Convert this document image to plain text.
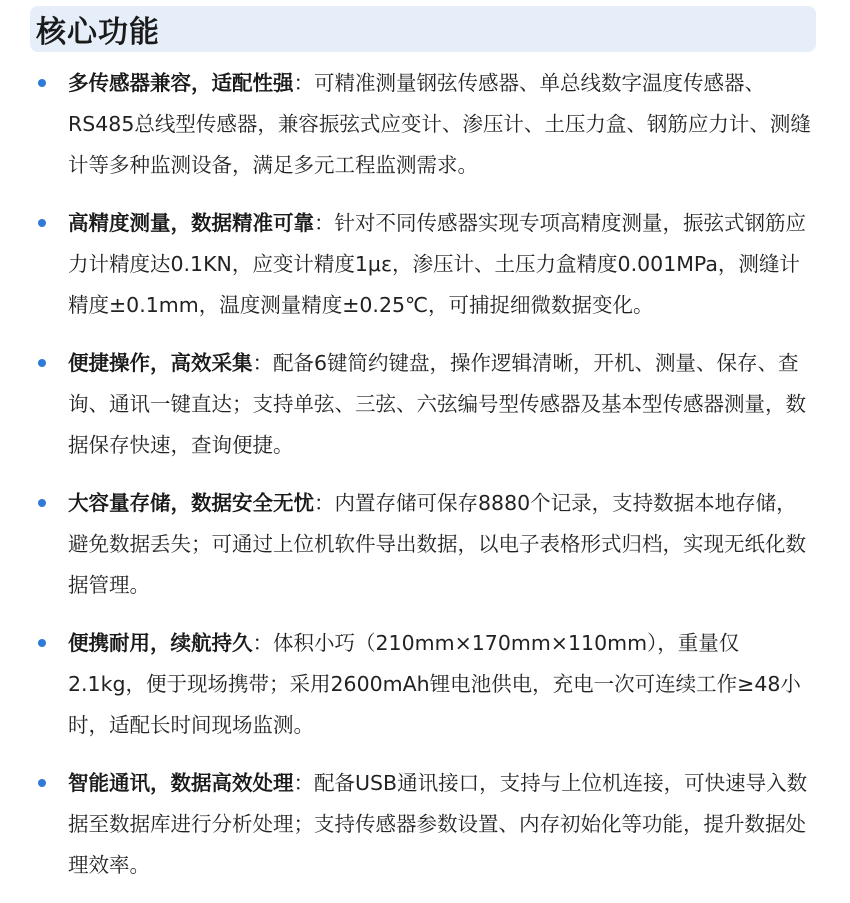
核心功能
多传感器兼容，适配性强：可精准测量钢弦传感器、单总线数字温度传感器、RS485总线型传感器，兼容振弦式应变计、渗压计、土压力盒、钢筋应力计、测缝计等多种监测设备，满足多元工程监测需求。
高精度测量，数据精准可靠：针对不同传感器实现专项高精度测量，振弦式钢筋应力计精度达0.1KN，应变计精度1με，渗压计、土压力盒精度0.001MPa，测缝计精度±0.1mm，温度测量精度±0.25℃，可捕捉细微数据变化。
便捷操作，高效采集：配备6键简约键盘，操作逻辑清晰，开机、测量、保存、查询、通讯一键直达；支持单弦、三弦、六弦编号型传感器及基本型传感器测量，数据保存快速，查询便捷。
大容量存储，数据安全无忧：内置存储可保存8880个记录，支持数据本地存储，避免数据丢失；可通过上位机软件导出数据，以电子表格形式归档，实现无纸化数据管理。
便携耐用，续航持久：体积小巧（210mm×170mm×110mm），重量仅2.1kg，便于现场携带；采用2600mAh锂电池供电，充电一次可连续工作≥48小时，适配长时间现场监测。
智能通讯，数据高效处理：配备USB通讯接口，支持与上位机连接，可快速导入数据至数据库进行分析处理；支持传感器参数设置、内存初始化等功能，提升数据处理效率。
